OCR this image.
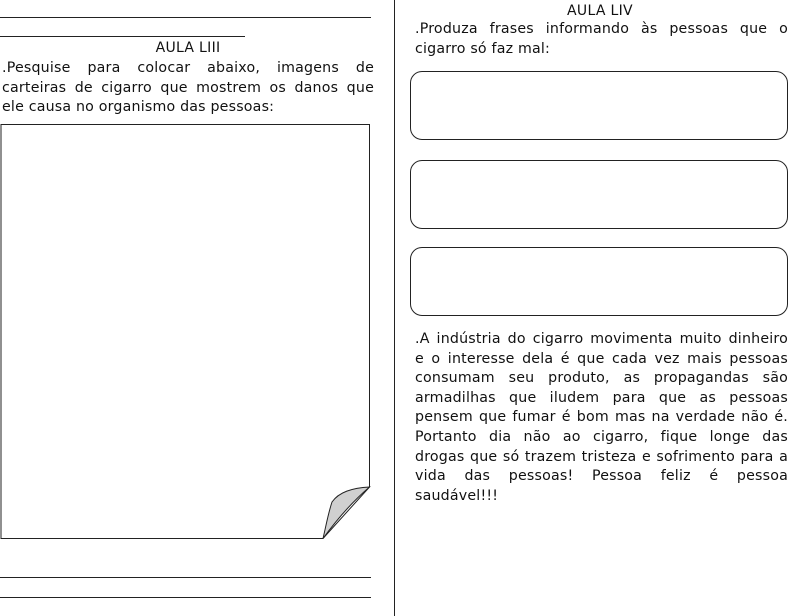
AULA LIII
.Pesquise para colocar abaixo, imagens de carteiras de cigarro que mostrem os danos que ele causa no organismo das pessoas:
AULA LIV
.Produza frases informando às pessoas que o cigarro só faz mal:
.A indústria do cigarro movimenta muito dinheiro e o interesse dela é que cada vez mais pessoas consumam seu produto, as propagandas são armadilhas que iludem para que as pessoas pensem que fumar é bom mas na verdade não é. Portanto dia não ao cigarro, fique longe das drogas que só trazem tristeza e sofrimento para a vida das pessoas! Pessoa feliz é pessoa saudável!!!
